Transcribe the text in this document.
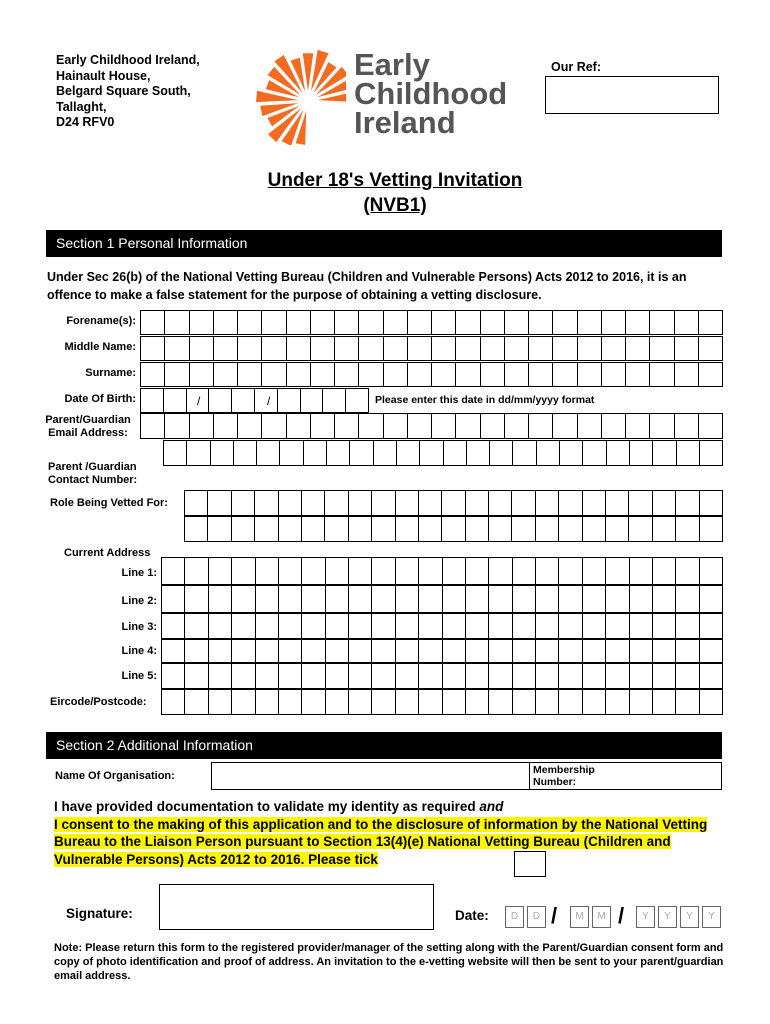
Early Childhood Ireland,
Hainault House,
Belgard Square South,
Tallaght,
D24 RFV0
Early
Childhood
Ireland
Our Ref:
Under 18's Vetting Invitation
(NVB1)
Section 1 Personal Information
Under Sec 26(b) of the National Vetting Bureau (Children and Vulnerable Persons) Acts 2012 to 2016, it is an offence to make a false statement for the purpose of obtaining a vetting disclosure.
Forename(s):
Middle Name:
Surname:
Date Of Birth:	/	/	Please enter this date in dd/mm/yyyy format
Parent/Guardian
Email Address:
Parent /Guardian
Contact Number:
Role Being Vetted For:
Current Address
Line 1:
Line 2:
Line 3:
Line 4:
Line 5:
Eircode/Postcode:
Section 2 Additional Information
Name Of Organisation:	Membership Number:
I have provided documentation to validate my identity as required and
I consent to the making of this application and to the disclosure of information by the National Vetting Bureau to the Liaison Person pursuant to Section 13(4)(e) National Vetting Bureau (Children and Vulnerable Persons) Acts 2012 to 2016. Please tick
Signature:	Date:	D	D /	M	M /	Y	Y	Y	Y
Note: Please return this form to the registered provider/manager of the setting along with the Parent/Guardian consent form and copy of photo identification and proof of address. An invitation to the e-vetting website will then be sent to your parent/guardian email address.
